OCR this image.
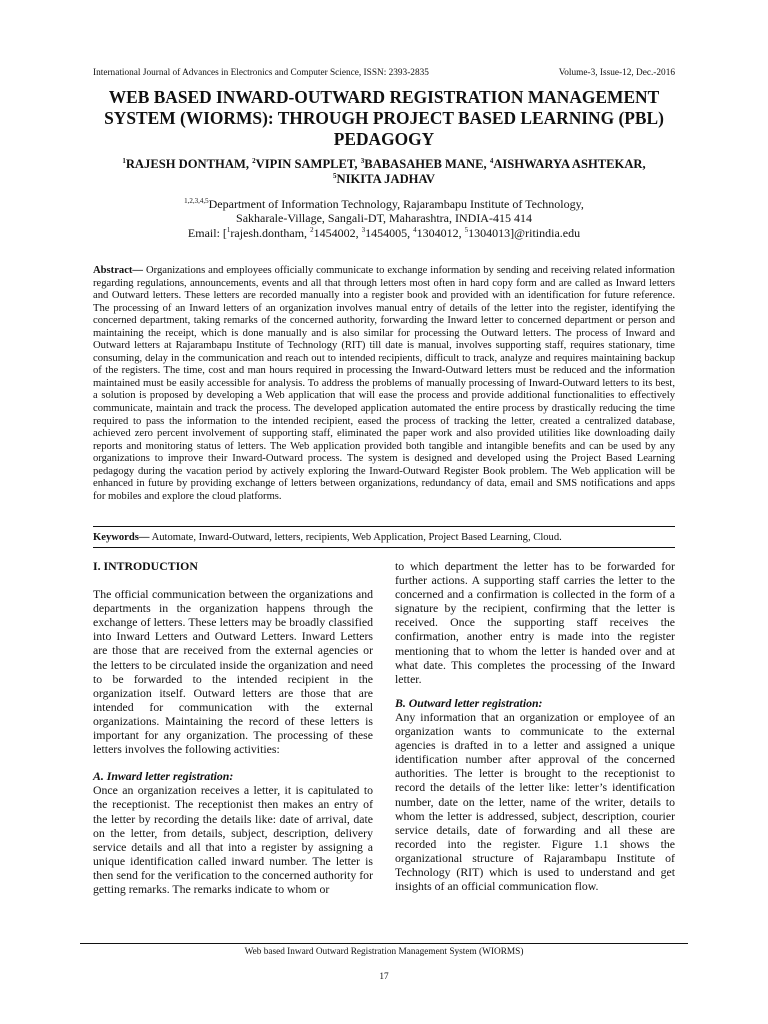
International Journal of Advances in Electronics and Computer Science, ISSN: 2393-2835	Volume-3, Issue-12, Dec.-2016
WEB BASED INWARD-OUTWARD REGISTRATION MANAGEMENT SYSTEM (WIORMS): THROUGH PROJECT BASED LEARNING (PBL) PEDAGOGY
$^1$RAJESH DONTHAM, $^2$VIPIN SAMPLET, $^3$BABASAHEB MANE, $^4$AISHWARYA ASHTEKAR,
$^5$NIKITA JADHAV
$^{1,2,3,4,5}$Department of Information Technology, Rajarambapu Institute of Technology,
Sakharale-Village, Sangali-DT, Maharashtra, INDIA-415 414
Email: [$^1$rajesh.dontham, $^2$1454002, $^3$1454005, $^4$1304012, $^5$1304013]@ritindia.edu

Abstract— Organizations and employees officially communicate to exchange information by sending and receiving related information regarding regulations, announcements, events and all that through letters most often in hard copy form and are called as Inward letters and Outward letters. These letters are recorded manually into a register book and provided with an identification for future reference. The processing of an Inward letters of an organization involves manual entry of details of the letter into the register, identifying the concerned department, taking remarks of the concerned authority, forwarding the Inward letter to concerned department or person and maintaining the receipt, which is done manually and is also similar for processing the Outward letters. The process of Inward and Outward letters at Rajarambapu Institute of Technology (RIT) till date is manual, involves supporting staff, requires stationary, time consuming, delay in the communication and reach out to intended recipients, difficult to track, analyze and requires maintaining backup of the registers. The time, cost and man hours required in processing the Inward-Outward letters must be reduced and the information maintained must be easily accessible for analysis. To address the problems of manually processing of Inward-Outward letters to its best, a solution is proposed by developing a Web application that will ease the process and provide additional functionalities to effectively communicate, maintain and track the process. The developed application automated the entire process by drastically reducing the time required to pass the information to the intended recipient, eased the process of tracking the letter, created a centralized database, achieved zero percent involvement of supporting staff, eliminated the paper work and also provided utilities like downloading daily reports and monitoring status of letters. The Web application provided both tangible and intangible benefits and can be used by any organizations to improve their Inward-Outward process. The system is designed and developed using the Project Based Learning pedagogy during the vacation period by actively exploring the Inward-Outward Register Book problem. The Web application will be enhanced in future by providing exchange of letters between organizations, redundancy of data, email and SMS notifications and apps for mobiles and explore the cloud platforms.

Keywords— Automate, Inward-Outward, letters, recipients, Web Application, Project Based Learning, Cloud.

I. INTRODUCTION

The official communication between the organizations and departments in the organization happens through the exchange of letters. These letters may be broadly classified into Inward Letters and Outward Letters. Inward Letters are those that are received from the external agencies or the letters to be circulated inside the organization and need to be forwarded to the intended recipient in the organization itself. Outward letters are those that are intended for communication with the external organizations. Maintaining the record of these letters is important for any organization. The processing of these letters involves the following activities:

A. Inward letter registration:

Once an organization receives a letter, it is capitulated to the receptionist. The receptionist then makes an entry of the letter by recording the details like: date of arrival, date on the letter, from details, subject, description, delivery service details and all that into a register by assigning a unique identification called inward number. The letter is then send for the verification to the concerned authority for getting remarks. The remarks indicate to whom or

to which department the letter has to be forwarded for further actions. A supporting staff carries the letter to the concerned and a confirmation is collected in the form of a signature by the recipient, confirming that the letter is received. Once the supporting staff receives the confirmation, another entry is made into the register mentioning that to whom the letter is handed over and at what date. This completes the processing of the Inward letter.

B. Outward letter registration:

Any information that an organization or employee of an organization wants to communicate to the external agencies is drafted in to a letter and assigned a unique identification number after approval of the concerned authorities. The letter is brought to the receptionist to record the details of the letter like: letter’s identification number, date on the letter, name of the writer, details to whom the letter is addressed, subject, description, courier service details, date of forwarding and all these are recorded into the register. Figure 1.1 shows the organizational structure of Rajarambapu Institute of Technology (RIT) which is used to understand and get insights of an official communication flow.

Web based Inward Outward Registration Management System (WIORMS)
17
